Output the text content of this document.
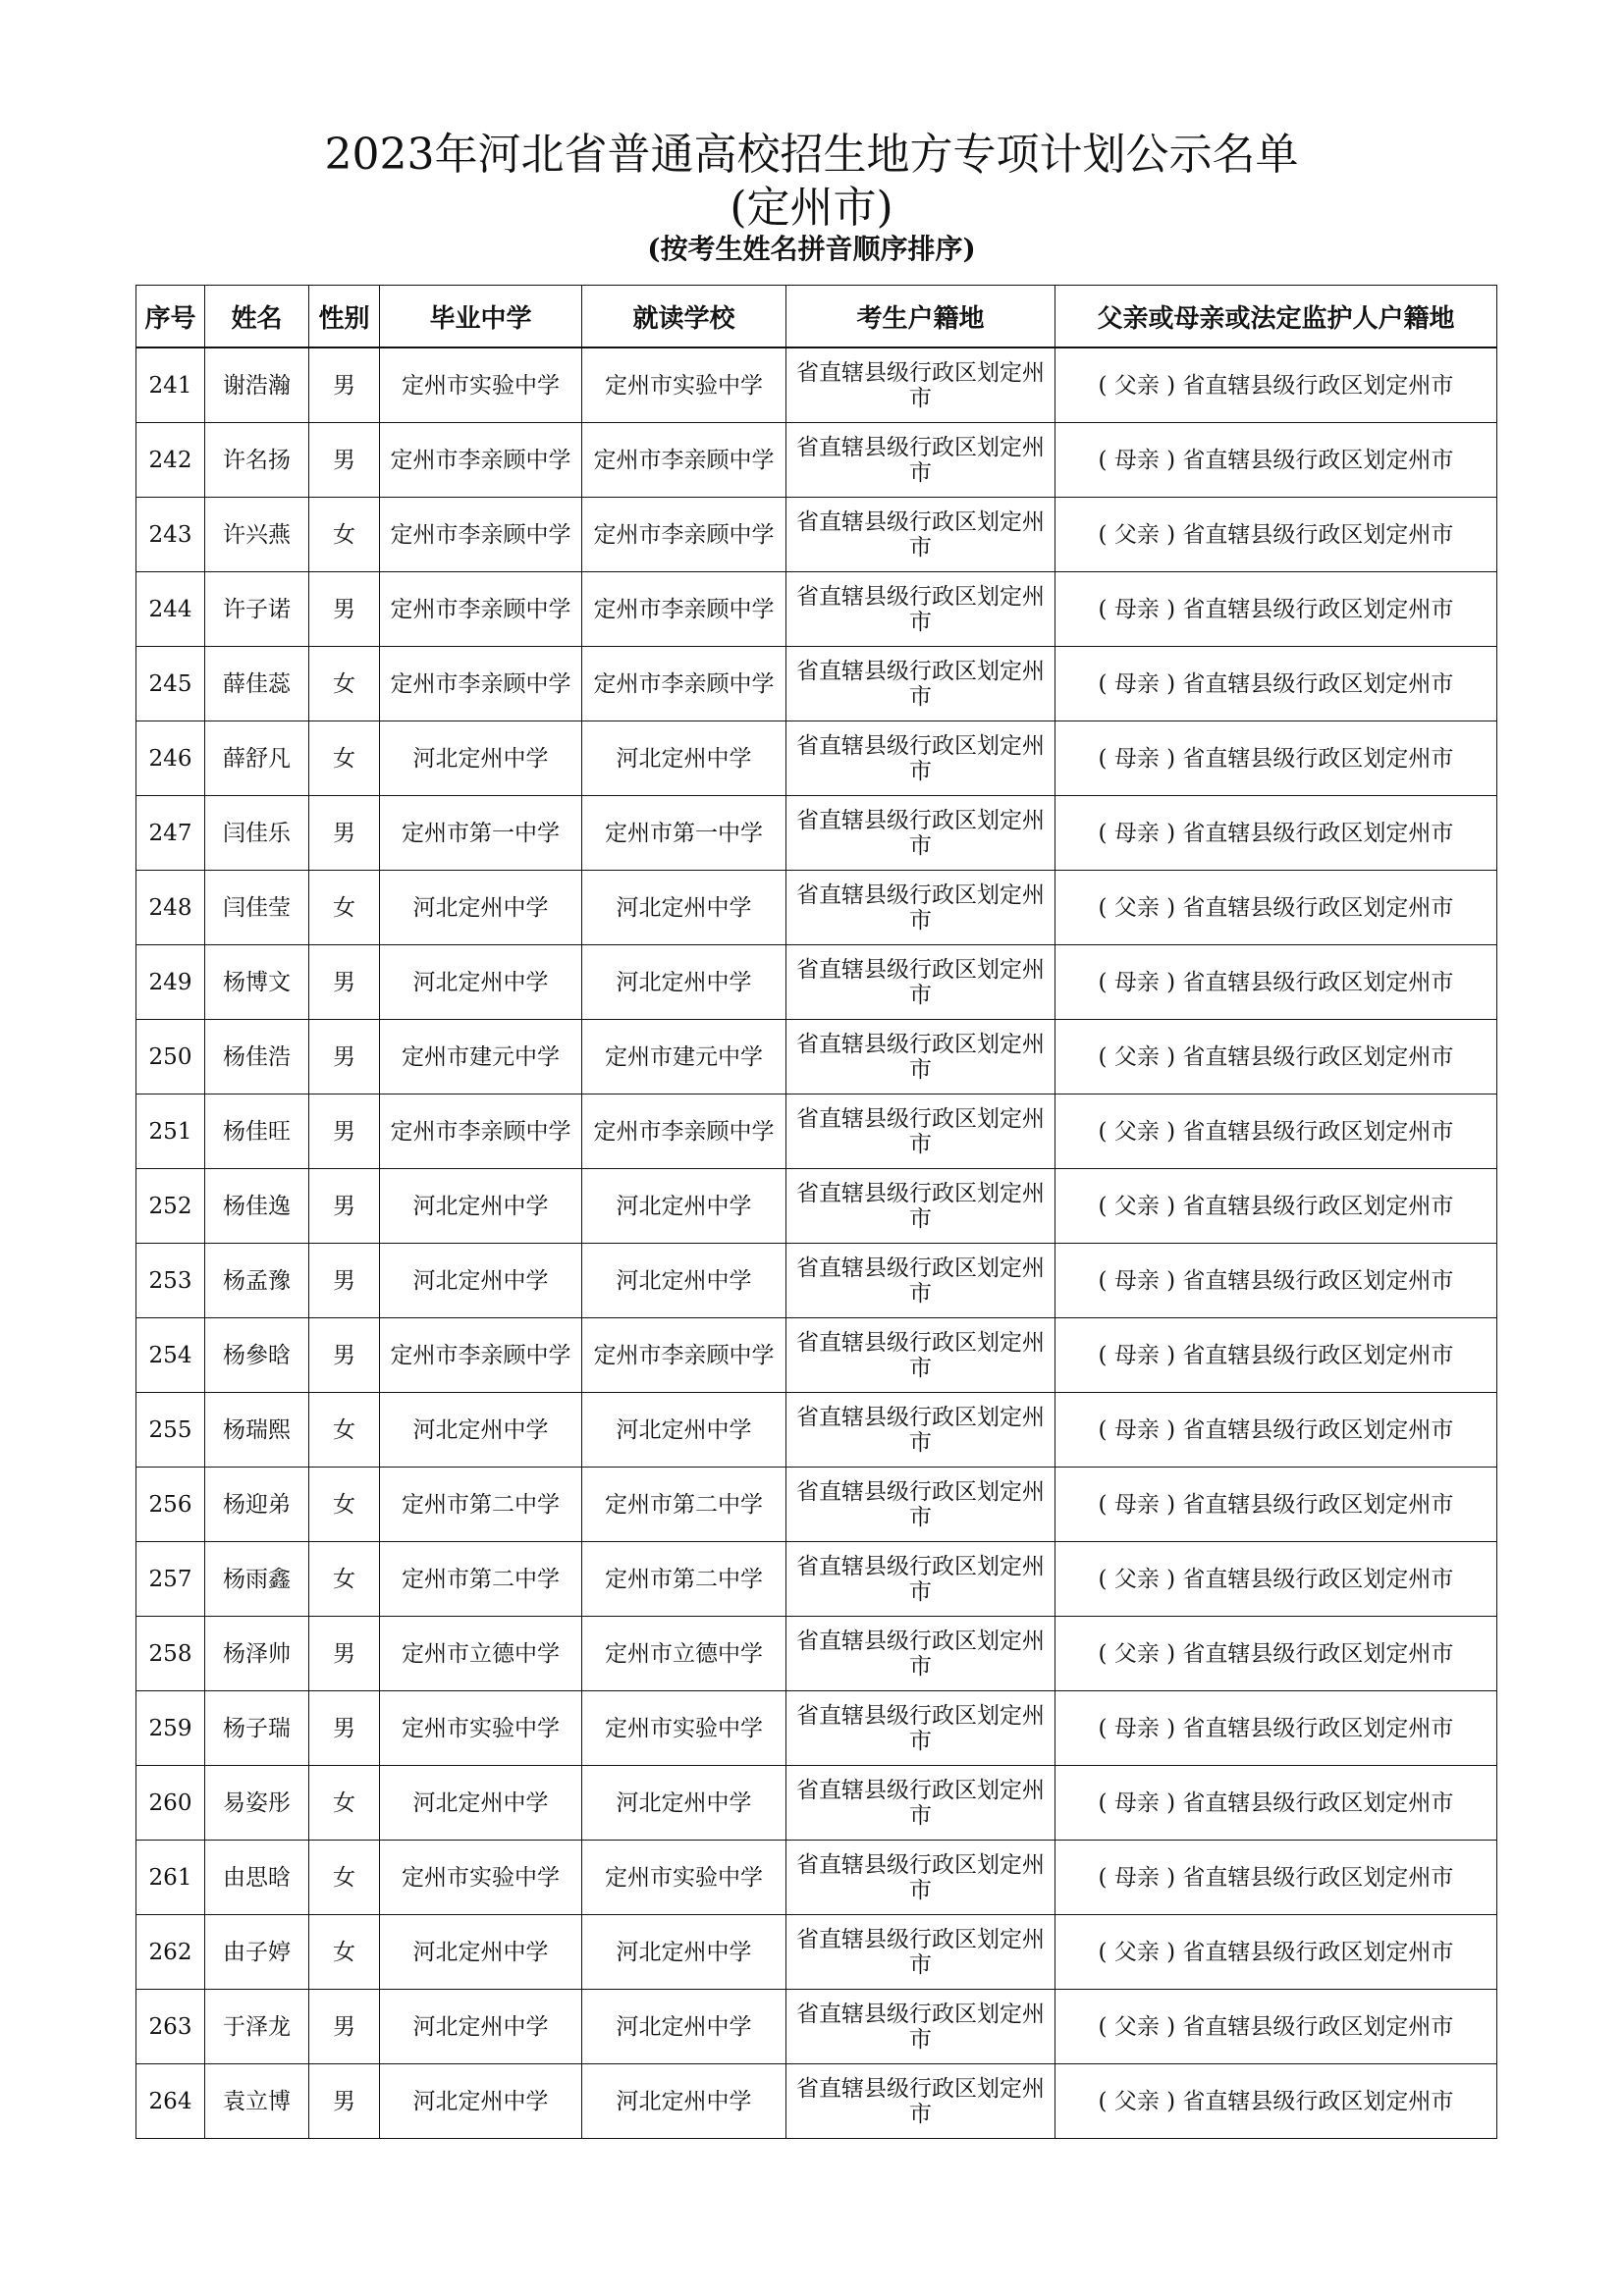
2023年河北省普通高校招生地方专项计划公示名单
(定州市)
(按考生姓名拼音顺序排序)
序号	姓名	性别	毕业中学	就读学校	考生户籍地	父亲或母亲或法定监护人户籍地
241	谢浩瀚	男	定州市实验中学	定州市实验中学	省直辖县级行政区划定州市	( 父亲 ) 省直辖县级行政区划定州市
242	许名扬	男	定州市李亲顾中学	定州市李亲顾中学	省直辖县级行政区划定州市	( 母亲 ) 省直辖县级行政区划定州市
243	许兴燕	女	定州市李亲顾中学	定州市李亲顾中学	省直辖县级行政区划定州市	( 父亲 ) 省直辖县级行政区划定州市
244	许子诺	男	定州市李亲顾中学	定州市李亲顾中学	省直辖县级行政区划定州市	( 母亲 ) 省直辖县级行政区划定州市
245	薛佳蕊	女	定州市李亲顾中学	定州市李亲顾中学	省直辖县级行政区划定州市	( 母亲 ) 省直辖县级行政区划定州市
246	薛舒凡	女	河北定州中学	河北定州中学	省直辖县级行政区划定州市	( 母亲 ) 省直辖县级行政区划定州市
247	闫佳乐	男	定州市第一中学	定州市第一中学	省直辖县级行政区划定州市	( 母亲 ) 省直辖县级行政区划定州市
248	闫佳莹	女	河北定州中学	河北定州中学	省直辖县级行政区划定州市	( 父亲 ) 省直辖县级行政区划定州市
249	杨博文	男	河北定州中学	河北定州中学	省直辖县级行政区划定州市	( 母亲 ) 省直辖县级行政区划定州市
250	杨佳浩	男	定州市建元中学	定州市建元中学	省直辖县级行政区划定州市	( 父亲 ) 省直辖县级行政区划定州市
251	杨佳旺	男	定州市李亲顾中学	定州市李亲顾中学	省直辖县级行政区划定州市	( 父亲 ) 省直辖县级行政区划定州市
252	杨佳逸	男	河北定州中学	河北定州中学	省直辖县级行政区划定州市	( 父亲 ) 省直辖县级行政区划定州市
253	杨孟豫	男	河北定州中学	河北定州中学	省直辖县级行政区划定州市	( 母亲 ) 省直辖县级行政区划定州市
254	杨參晗	男	定州市李亲顾中学	定州市李亲顾中学	省直辖县级行政区划定州市	( 母亲 ) 省直辖县级行政区划定州市
255	杨瑞熙	女	河北定州中学	河北定州中学	省直辖县级行政区划定州市	( 母亲 ) 省直辖县级行政区划定州市
256	杨迎弟	女	定州市第二中学	定州市第二中学	省直辖县级行政区划定州市	( 母亲 ) 省直辖县级行政区划定州市
257	杨雨鑫	女	定州市第二中学	定州市第二中学	省直辖县级行政区划定州市	( 父亲 ) 省直辖县级行政区划定州市
258	杨泽帅	男	定州市立德中学	定州市立德中学	省直辖县级行政区划定州市	( 父亲 ) 省直辖县级行政区划定州市
259	杨子瑞	男	定州市实验中学	定州市实验中学	省直辖县级行政区划定州市	( 母亲 ) 省直辖县级行政区划定州市
260	易姿彤	女	河北定州中学	河北定州中学	省直辖县级行政区划定州市	( 母亲 ) 省直辖县级行政区划定州市
261	由思晗	女	定州市实验中学	定州市实验中学	省直辖县级行政区划定州市	( 母亲 ) 省直辖县级行政区划定州市
262	由子婷	女	河北定州中学	河北定州中学	省直辖县级行政区划定州市	( 父亲 ) 省直辖县级行政区划定州市
263	于泽龙	男	河北定州中学	河北定州中学	省直辖县级行政区划定州市	( 父亲 ) 省直辖县级行政区划定州市
264	袁立博	男	河北定州中学	河北定州中学	省直辖县级行政区划定州市	( 父亲 ) 省直辖县级行政区划定州市
